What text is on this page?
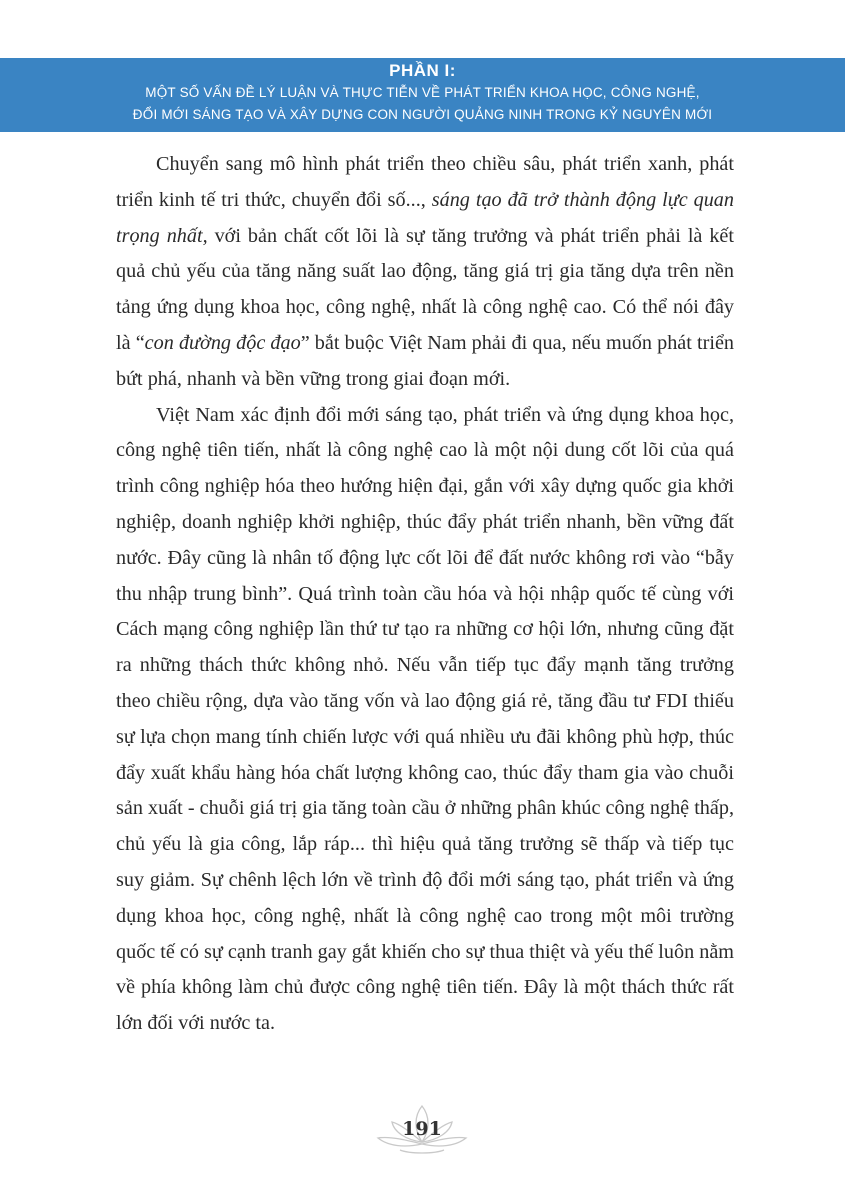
PHẦN I:
MỘT SỐ VẤN ĐỀ LÝ LUẬN VÀ THỰC TIỄN VỀ PHÁT TRIỂN KHOA HỌC, CÔNG NGHỆ,
ĐỔI MỚI SÁNG TẠO VÀ XÂY DỰNG CON NGƯỜI QUẢNG NINH TRONG KỶ NGUYÊN MỚI

Chuyển sang mô hình phát triển theo chiều sâu, phát triển xanh, phát triển kinh tế tri thức, chuyển đổi số..., sáng tạo đã trở thành động lực quan trọng nhất, với bản chất cốt lõi là sự tăng trưởng và phát triển phải là kết quả chủ yếu của tăng năng suất lao động, tăng giá trị gia tăng dựa trên nền tảng ứng dụng khoa học, công nghệ, nhất là công nghệ cao. Có thể nói đây là “con đường độc đạo” bắt buộc Việt Nam phải đi qua, nếu muốn phát triển bứt phá, nhanh và bền vững trong giai đoạn mới.

Việt Nam xác định đổi mới sáng tạo, phát triển và ứng dụng khoa học, công nghệ tiên tiến, nhất là công nghệ cao là một nội dung cốt lõi của quá trình công nghiệp hóa theo hướng hiện đại, gắn với xây dựng quốc gia khởi nghiệp, doanh nghiệp khởi nghiệp, thúc đẩy phát triển nhanh, bền vững đất nước. Đây cũng là nhân tố động lực cốt lõi để đất nước không rơi vào “bẫy thu nhập trung bình”. Quá trình toàn cầu hóa và hội nhập quốc tế cùng với Cách mạng công nghiệp lần thứ tư tạo ra những cơ hội lớn, nhưng cũng đặt ra những thách thức không nhỏ. Nếu vẫn tiếp tục đẩy mạnh tăng trưởng theo chiều rộng, dựa vào tăng vốn và lao động giá rẻ, tăng đầu tư FDI thiếu sự lựa chọn mang tính chiến lược với quá nhiều ưu đãi không phù hợp, thúc đẩy xuất khẩu hàng hóa chất lượng không cao, thúc đẩy tham gia vào chuỗi sản xuất - chuỗi giá trị gia tăng toàn cầu ở những phân khúc công nghệ thấp, chủ yếu là gia công, lắp ráp... thì hiệu quả tăng trưởng sẽ thấp và tiếp tục suy giảm. Sự chênh lệch lớn về trình độ đổi mới sáng tạo, phát triển và ứng dụng khoa học, công nghệ, nhất là công nghệ cao trong một môi trường quốc tế có sự cạnh tranh gay gắt khiến cho sự thua thiệt và yếu thế luôn nằm về phía không làm chủ được công nghệ tiên tiến. Đây là một thách thức rất lớn đối với nước ta.

191
